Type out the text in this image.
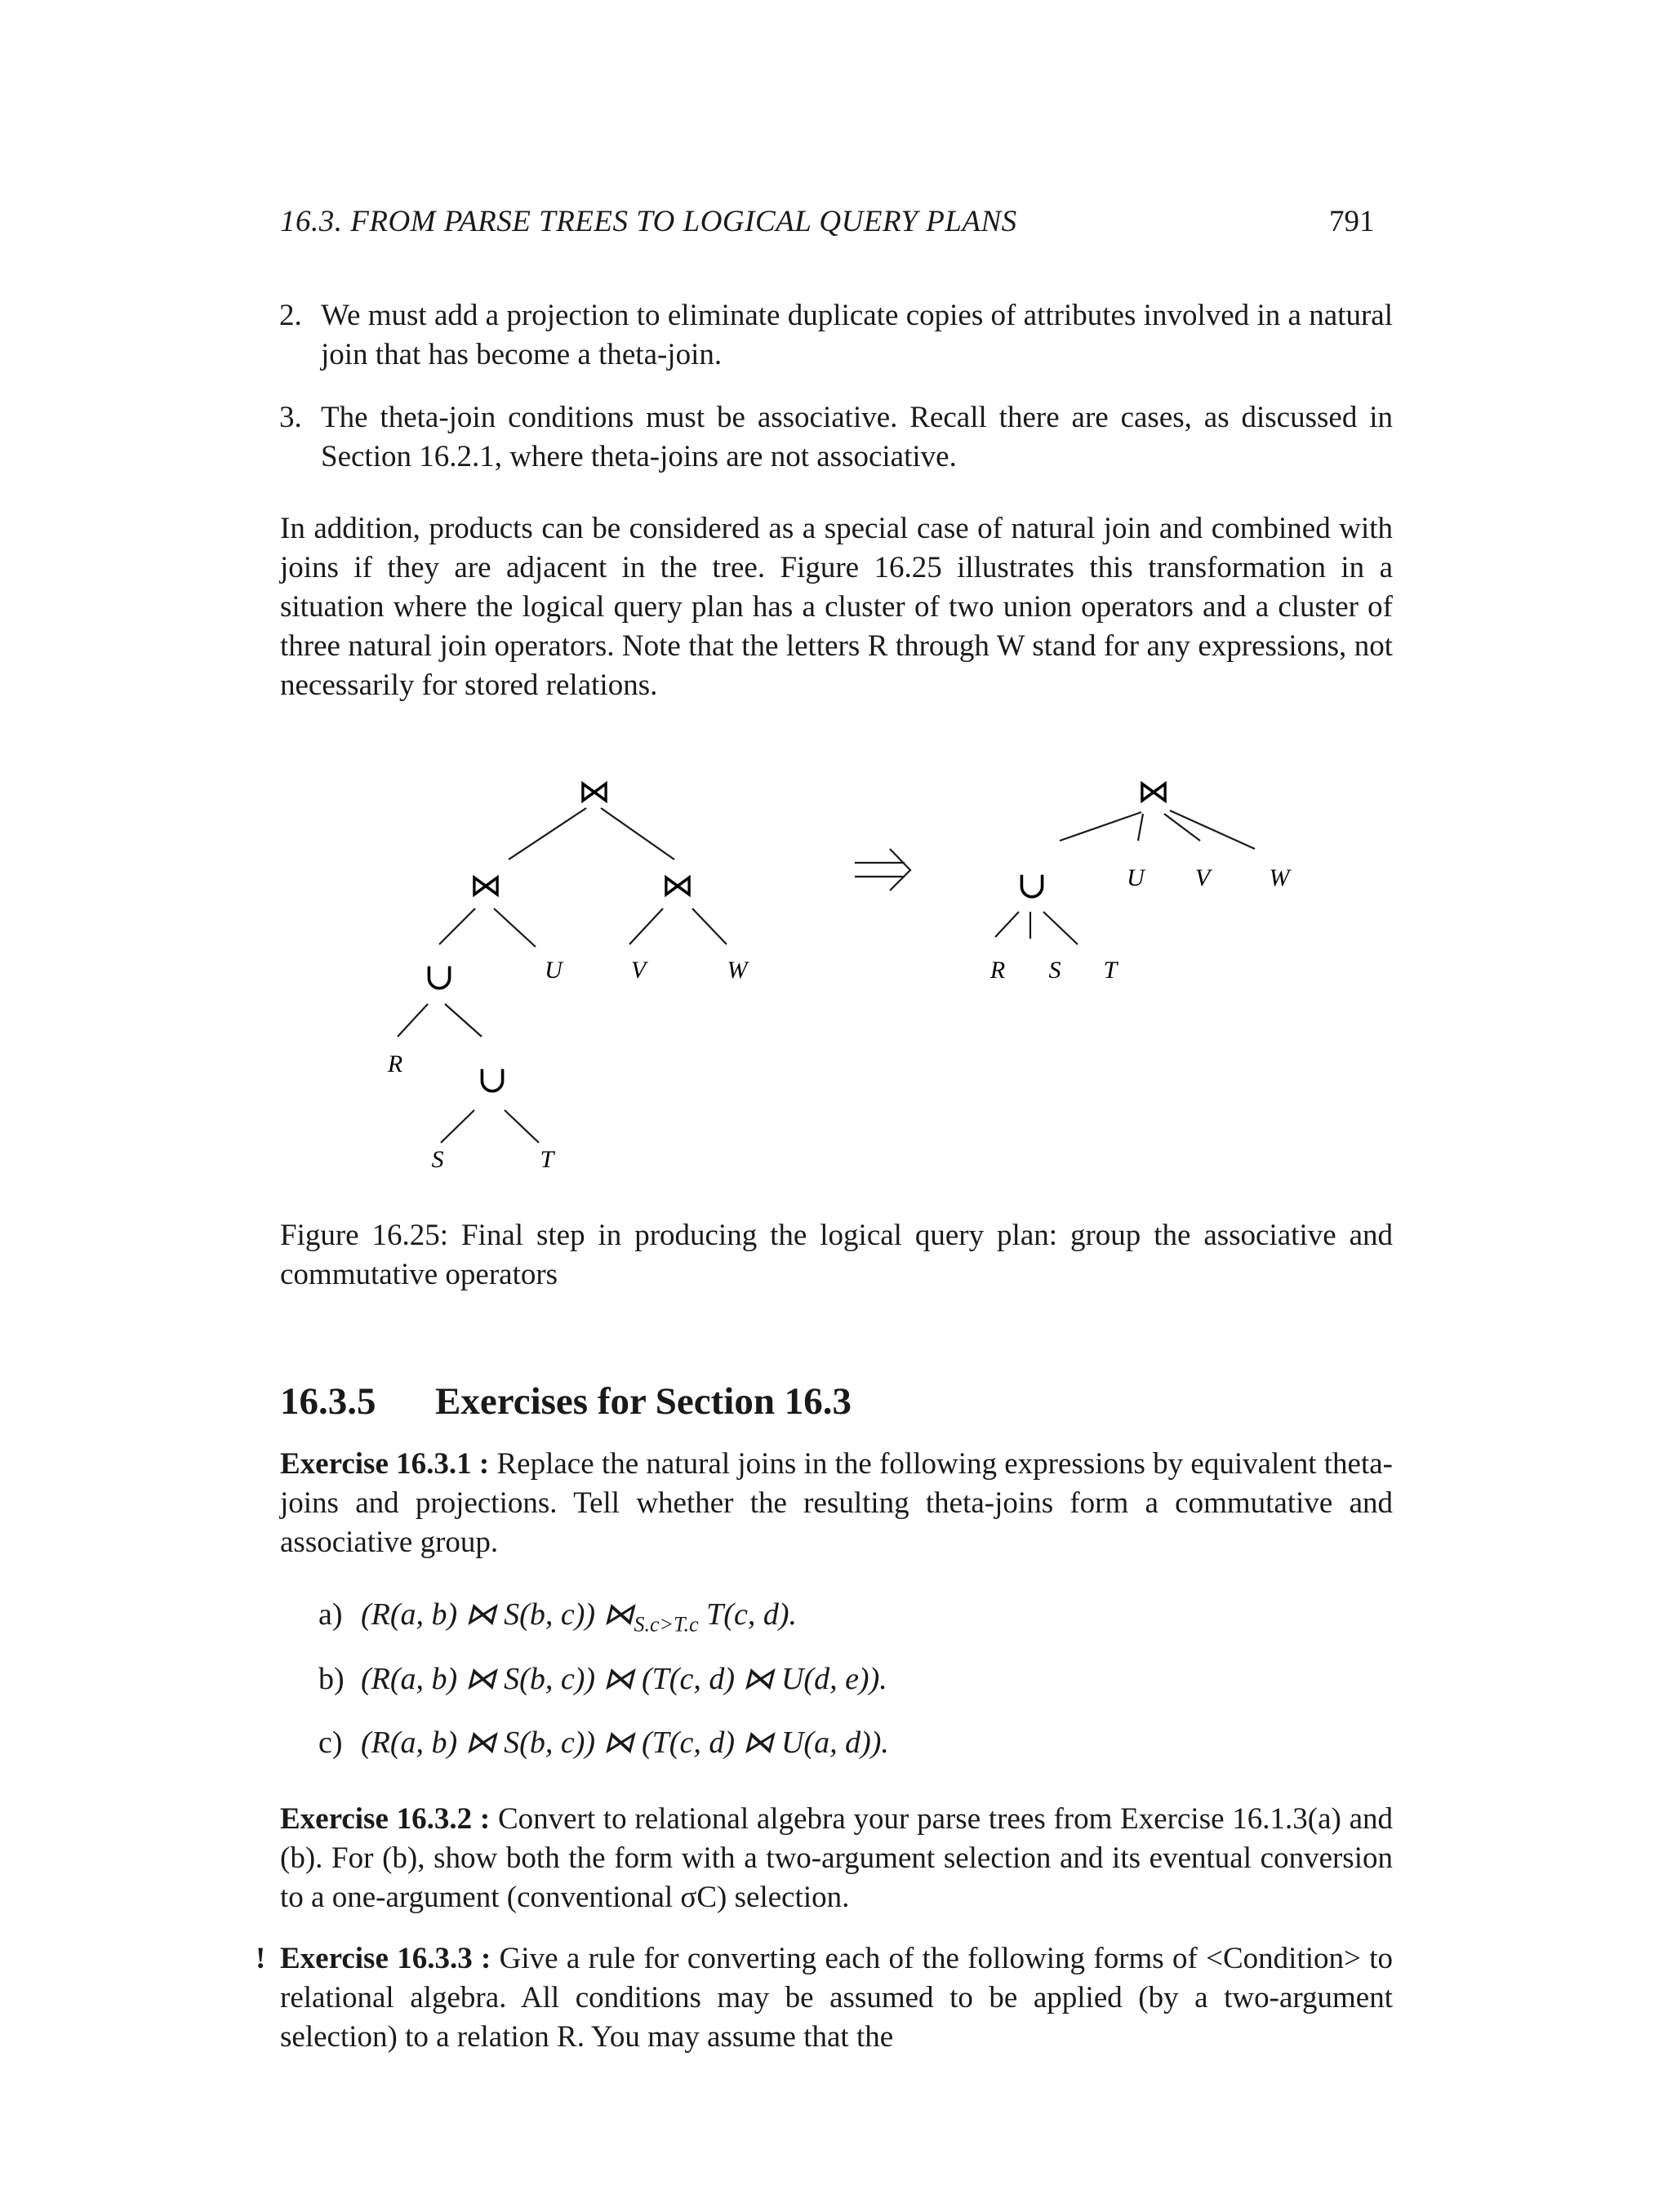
16.3. FROM PARSE TREES TO LOGICAL QUERY PLANS	791
2. We must add a projection to eliminate duplicate copies of attributes involved in a natural join that has become a theta-join.
3. The theta-join conditions must be associative. Recall there are cases, as discussed in Section 16.2.1, where theta-joins are not associative.
In addition, products can be considered as a special case of natural join and combined with joins if they are adjacent in the tree. Figure 16.25 illustrates this transformation in a situation where the logical query plan has a cluster of two union operators and a cluster of three natural join operators. Note that the letters R through W stand for any expressions, not necessarily for stored relations.
⋈
⋈	⋈
∪
∪
R
S	T
U	V	W
⋈
∪
R S T
U V W
Figure 16.25: Final step in producing the logical query plan: group the associative and commutative operators
16.3.5 Exercises for Section 16.3
Exercise 16.3.1 : Replace the natural joins in the following expressions by equivalent theta-joins and projections. Tell whether the resulting theta-joins form a commutative and associative group.
a) (R(a, b) ⋈ S(b, c)) $⋈_{S.c>T.c}$ T(c, d).
b) (R(a, b) ⋈ S(b, c)) ⋈ (T(c, d) ⋈ U(d, e)).
c) (R(a, b) ⋈ S(b, c)) ⋈ (T(c, d) ⋈ U(a, d)).
Exercise 16.3.2 : Convert to relational algebra your parse trees from Exercise 16.1.3(a) and (b). For (b), show both the form with a two-argument selection and its eventual conversion to a one-argument (conventional σC) selection.
! Exercise 16.3.3 : Give a rule for converting each of the following forms of <Condition> to relational algebra. All conditions may be assumed to be applied (by a two-argument selection) to a relation R. You may assume that the
